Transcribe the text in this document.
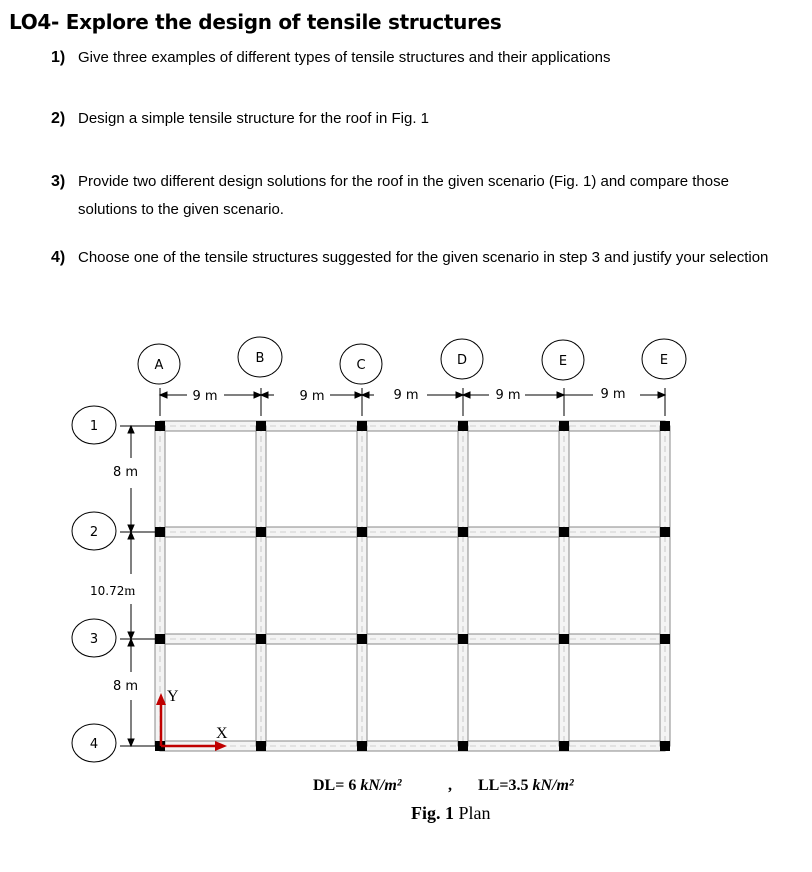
LO4- Explore the design of tensile structures
1) Give three examples of different types of tensile structures and their applications
2) Design a simple tensile structure for the roof in Fig. 1
3) Provide two different design solutions for the roof in the given scenario (Fig. 1) and compare those solutions to the given scenario.
4) Choose one of the tensile structures suggested for the given scenario in step 3 and justify your selection
A	B	C	D	E	E
9 m	9 m	9 m	9 m	9 m
1
2
3
4
8 m
10.72m
8 m
Y
X
DL= 6 kN/m²	, LL=3.5 kN/m²
Fig. 1 Plan
